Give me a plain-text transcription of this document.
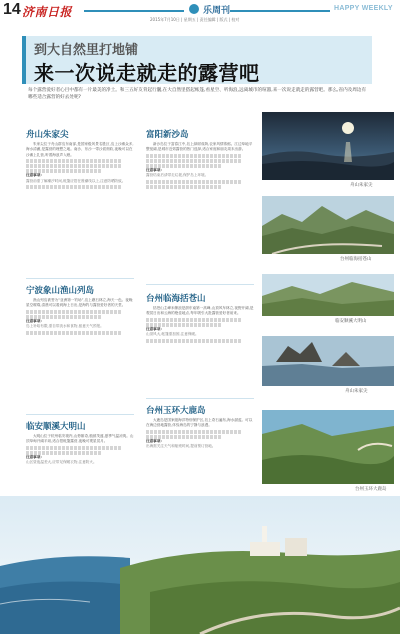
14 济南日报	乐周刊	HAPPY WEEKLY
2015年7月10日 | 星期五 | 责任编辑 | 版式 | 校对
到大自然里打地铺
来一次说走就走的露营吧
每个露营爱好者心目中都有一片最美的净土。和三五好友背起行囊,在大自然里搭起帐篷,看星空、听海浪,远离城市的喧嚣,来一次说走就走的露营吧。那么,省内及周边有哪些适合露营的好去处呢?
舟山朱家尖
台州临海括苍山
临安顺溪大明山
舟山朱家尖
台州玉环大鹿岛
舟山朱家尖

朱家尖位于舟山群岛东南部,是国家级风景名胜区,岛上沙滩众多,海水清澈,是露营的理想之地。南沙、东沙一带沙质细软,夜晚可以在沙滩上扎营,听着海浪声入眠。

注意事项:
露营前需了解潮汐时间,帐篷应搭在涨潮线以上,注意防晒防蚊。
宁波象山渔山列岛

渔山列岛被誉为“亚洲第一钓场”,岛上礁石林立,海天一色。夜晚星空璀璨,清晨可以看到海上日出,是海钓与露营爱好者的天堂。

注意事项:
岛上补给有限,需自带淡水和食物,留意天气预报。
临安顺溪大明山

大明山位于杭州临安境内,山势雄奇,植被茂盛,夏季气温凉爽。山顶草甸开阔平坦,适合搭帐篷露营,夜晚可观星赏月。

注意事项:
山区昼夜温差大,应带足保暖衣物,注意防火。
富阳新沙岛

新沙岛位于富春江中,岛上绿树成荫,农家风情浓郁。江边草地平整宽阔,是城市近郊露营的热门选择,适合家庭和朋友周末出游。

注意事项:
露营结束后请带走垃圾,保护岛上环境。
台州临海括苍山

括苍山主峰米筛浪是浙东南第一高峰,山顶风车林立,视野开阔,是观赏日出和云海的绝佳地点,每年吸引大批露营爱好者前来。

注意事项:
山顶风大,帐篷需加固,注意保暖。
台州玉环大鹿岛

大鹿岛是国家级海洋特别保护区,岛上奇石遍布,海水湛蓝。可以在海边营地露营,体验海岛的宁静与浪漫。

注意事项:
出海需关注天气和船班时间,提前预订营地。
